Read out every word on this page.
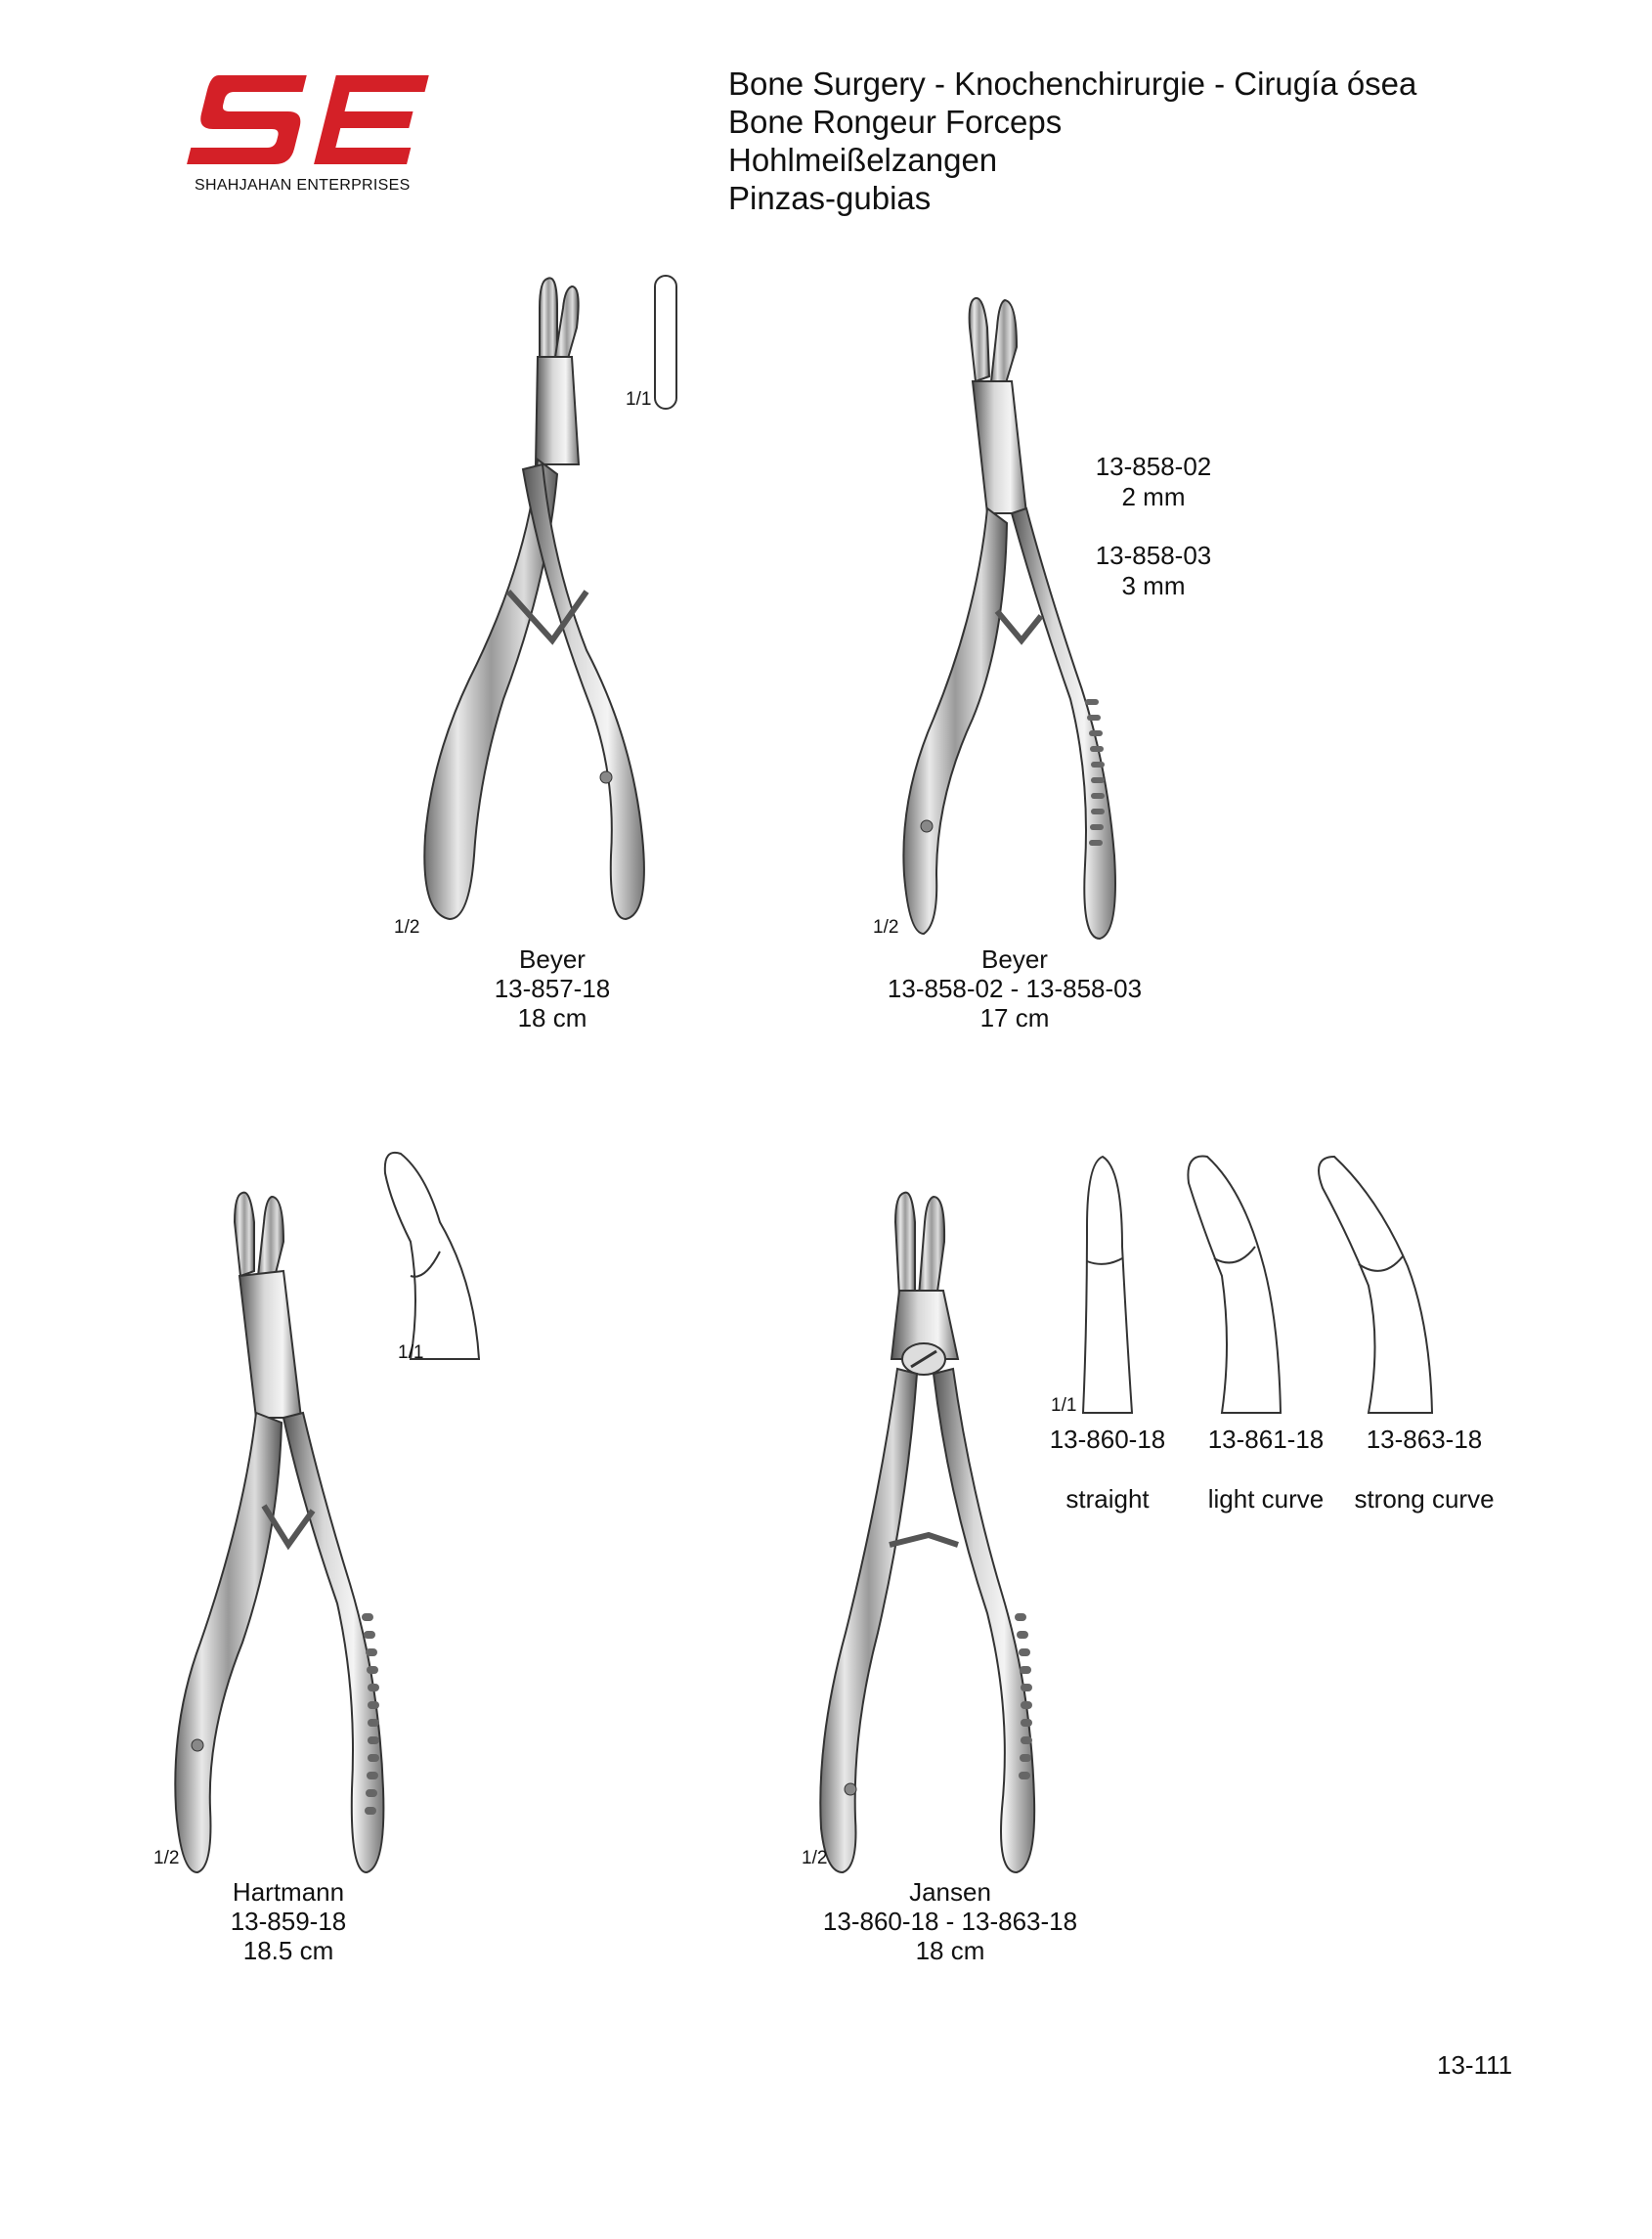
SHAHJAHAN ENTERPRISES
Bone Surgery - Knochenchirurgie - Cirugía ósea
Bone Rongeur Forceps
Hohlmeißelzangen
Pinzas-gubias
1/1
1/2
Beyer
13-857-18
18 cm
13-858-02
2 mm
13-858-03
3 mm
1/2
Beyer
13-858-02 - 13-858-03
17 cm
1/1
1/2
Hartmann
13-859-18
18.5 cm
1/1
13-860-18 13-861-18 13-863-18
straight light curve strong curve
1/2
Jansen
13-860-18 - 13-863-18
18 cm
13-111
